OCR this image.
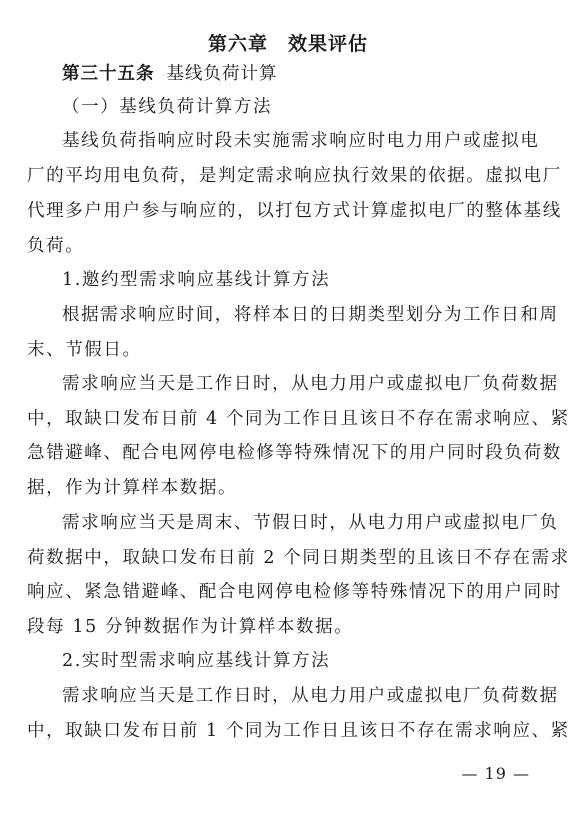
第六章　效果评估
第三十五条 基线负荷计算
（一）基线负荷计算方法
基线负荷指响应时段未实施需求响应时电力用户或虚拟电
厂的平均用电负荷，是判定需求响应执行效果的依据。虚拟电厂
代理多户用户参与响应的，以打包方式计算虚拟电厂的整体基线
负荷。
1.邀约型需求响应基线计算方法
根据需求响应时间，将样本日的日期类型划分为工作日和周
末、节假日。
需求响应当天是工作日时，从电力用户或虚拟电厂负荷数据
中，取缺口发布日前 4 个同为工作日且该日不存在需求响应、紧
急错避峰、配合电网停电检修等特殊情况下的用户同时段负荷数
据，作为计算样本数据。
需求响应当天是周末、节假日时，从电力用户或虚拟电厂负
荷数据中，取缺口发布日前 2 个同日期类型的且该日不存在需求
响应、紧急错避峰、配合电网停电检修等特殊情况下的用户同时
段每 15 分钟数据作为计算样本数据。
2.实时型需求响应基线计算方法
需求响应当天是工作日时，从电力用户或虚拟电厂负荷数据
中，取缺口发布日前 1 个同为工作日且该日不存在需求响应、紧
— 19 —
